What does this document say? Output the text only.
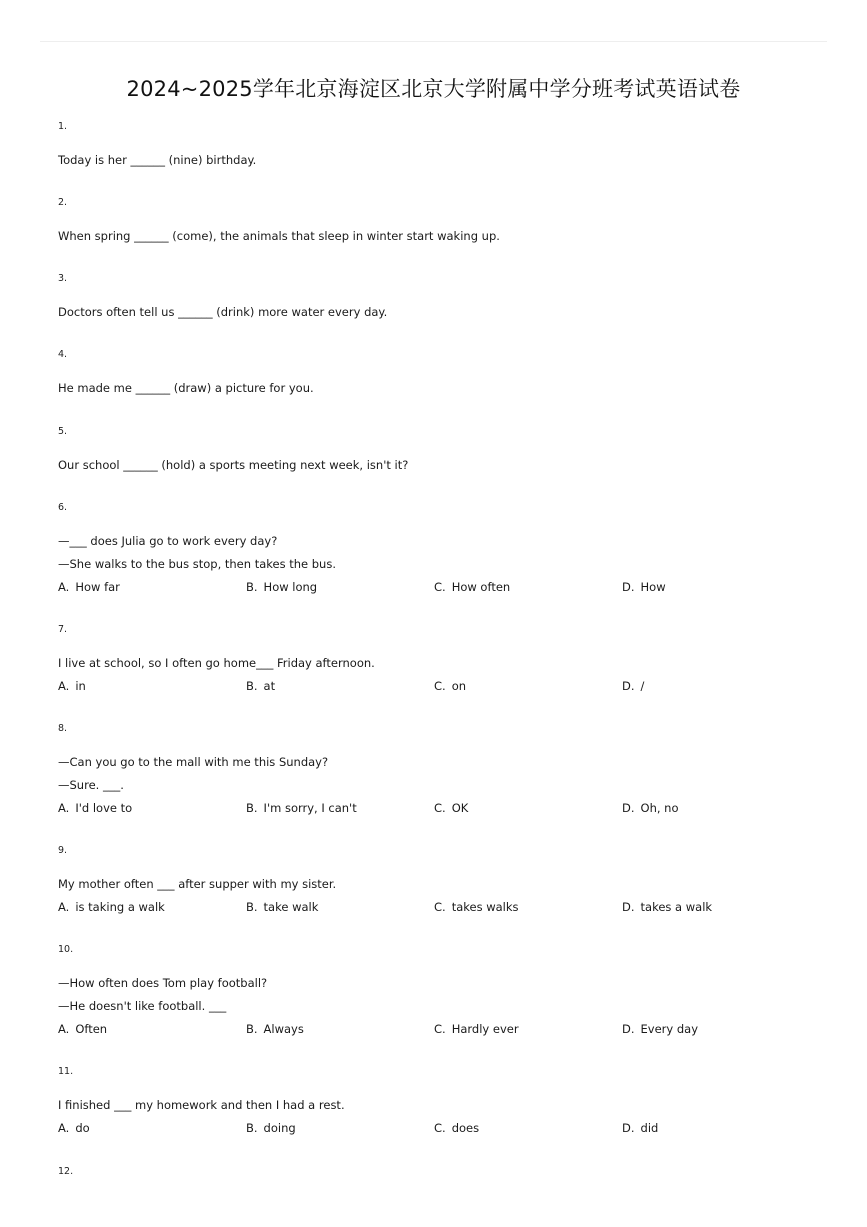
2024~2025学年北京海淀区北京大学附属中学分班考试英语试卷
1.
Today is her ______ (nine) birthday.
2.
When spring ______ (come), the animals that sleep in winter start waking up.
3.
Doctors often tell us ______ (drink) more water every day.
4.
He made me ______ (draw) a picture for you.
5.
Our school ______ (hold) a sports meeting next week, isn't it?
6.
—___ does Julia go to work every day?
—She walks to the bus stop, then takes the bus.
A. How far	B. How long	C. How often	D. How
7.
I live at school, so I often go home___ Friday afternoon.
A. in	B. at	C. on	D. /
8.
—Can you go to the mall with me this Sunday?
—Sure. ___.
A. I'd love to	B. I'm sorry, I can't	C. OK	D. Oh, no
9.
My mother often ___ after supper with my sister.
A. is taking a walk	B. take walk	C. takes walks	D. takes a walk
10.
—How often does Tom play football?
—He doesn't like football. ___
A. Often	B. Always	C. Hardly ever	D. Every day
11.
I finished ___ my homework and then I had a rest.
A. do	B. doing	C. does	D. did
12.
